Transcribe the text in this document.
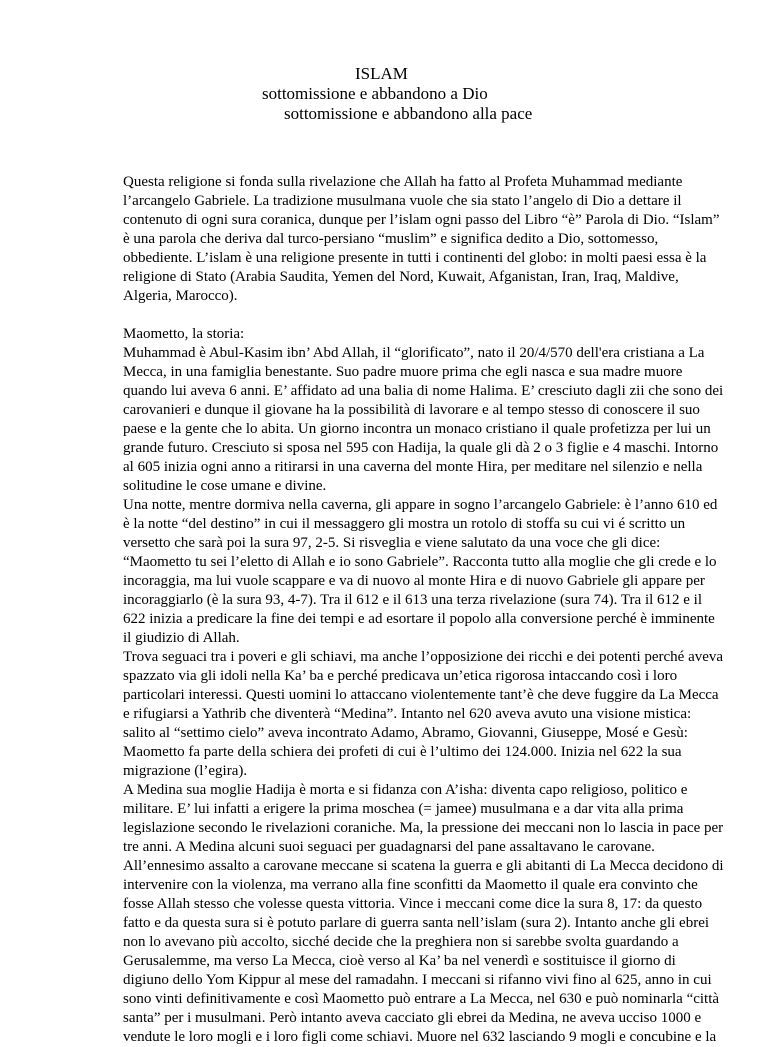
ISLAM
sottomissione e abbandono a Dio
sottomissione e abbandono alla pace
Questa religione si fonda sulla rivelazione che Allah ha fatto al Profeta Muhammad mediante
l’arcangelo Gabriele. La tradizione musulmana vuole che sia stato l’angelo di Dio a dettare il
contenuto di ogni sura coranica, dunque per l’islam ogni passo del Libro “è” Parola di Dio. “Islam”
è una parola che deriva dal turco-persiano “muslim” e significa dedito a Dio, sottomesso,
obbediente. L’islam è una religione presente in tutti i continenti del globo: in molti paesi essa è la
religione di Stato (Arabia Saudita, Yemen del Nord, Kuwait, Afganistan, Iran, Iraq, Maldive,
Algeria, Marocco).
Maometto, la storia:
Muhammad è Abul-Kasim ibn’ Abd Allah, il “glorificato”, nato il 20/4/570 dell'era cristiana a La
Mecca, in una famiglia benestante. Suo padre muore prima che egli nasca e sua madre muore
quando lui aveva 6 anni. E’ affidato ad una balia di nome Halima. E’ cresciuto dagli zii che sono dei
carovanieri e dunque il giovane ha la possibilità di lavorare e al tempo stesso di conoscere il suo
paese e la gente che lo abita. Un giorno incontra un monaco cristiano il quale profetizza per lui un
grande futuro. Cresciuto si sposa nel 595 con Hadija, la quale gli dà 2 o 3 figlie e 4 maschi. Intorno
al 605 inizia ogni anno a ritirarsi in una caverna del monte Hira, per meditare nel silenzio e nella
solitudine le cose umane e divine.
Una notte, mentre dormiva nella caverna, gli appare in sogno l’arcangelo Gabriele: è l’anno 610 ed
è la notte “del destino” in cui il messaggero gli mostra un rotolo di stoffa su cui vi é scritto un
versetto che sarà poi la sura 97, 2-5. Si risveglia e viene salutato da una voce che gli dice:
“Maometto tu sei l’eletto di Allah e io sono Gabriele”. Racconta tutto alla moglie che gli crede e lo
incoraggia, ma lui vuole scappare e va di nuovo al monte Hira e di nuovo Gabriele gli appare per
incoraggiarlo (è la sura 93, 4-7). Tra il 612 e il 613 una terza rivelazione (sura 74). Tra il 612 e il
622 inizia a predicare la fine dei tempi e ad esortare il popolo alla conversione perché è imminente
il giudizio di Allah.
Trova seguaci tra i poveri e gli schiavi, ma anche l’opposizione dei ricchi e dei potenti perché aveva
spazzato via gli idoli nella Ka’ ba e perché predicava un’etica rigorosa intaccando così i loro
particolari interessi. Questi uomini lo attaccano violentemente tant’è che deve fuggire da La Mecca
e rifugiarsi a Yathrib che diventerà “Medina”. Intanto nel 620 aveva avuto una visione mistica:
salito al “settimo cielo” aveva incontrato Adamo, Abramo, Giovanni, Giuseppe, Mosé e Gesù:
Maometto fa parte della schiera dei profeti di cui è l’ultimo dei 124.000. Inizia nel 622 la sua
migrazione (l’egira).
A Medina sua moglie Hadija è morta e si fidanza con A’isha: diventa capo religioso, politico e
militare. E’ lui infatti a erigere la prima moschea (= jamee) musulmana e a dar vita alla prima
legislazione secondo le rivelazioni coraniche. Ma, la pressione dei meccani non lo lascia in pace per
tre anni. A Medina alcuni suoi seguaci per guadagnarsi del pane assaltavano le carovane.
All’ennesimo assalto a carovane meccane si scatena la guerra e gli abitanti di La Mecca decidono di
intervenire con la violenza, ma verrano alla fine sconfitti da Maometto il quale era convinto che
fosse Allah stesso che volesse questa vittoria. Vince i meccani come dice la sura 8, 17: da questo
fatto e da questa sura si è potuto parlare di guerra santa nell’islam (sura 2). Intanto anche gli ebrei
non lo avevano più accolto, sicché decide che la preghiera non si sarebbe svolta guardando a
Gerusalemme, ma verso La Mecca, cioè verso al Ka’ ba nel venerdì e sostituisce il giorno di
digiuno dello Yom Kippur al mese del ramadahn. I meccani si rifanno vivi fino al 625, anno in cui
sono vinti definitivamente e così Maometto può entrare a La Mecca, nel 630 e può nominarla “città
santa” per i musulmani. Però intanto aveva cacciato gli ebrei da Medina, ne aveva ucciso 1000 e
vendute le loro mogli e i loro figli come schiavi. Muore nel 632 lasciando 9 mogli e concubine e la
